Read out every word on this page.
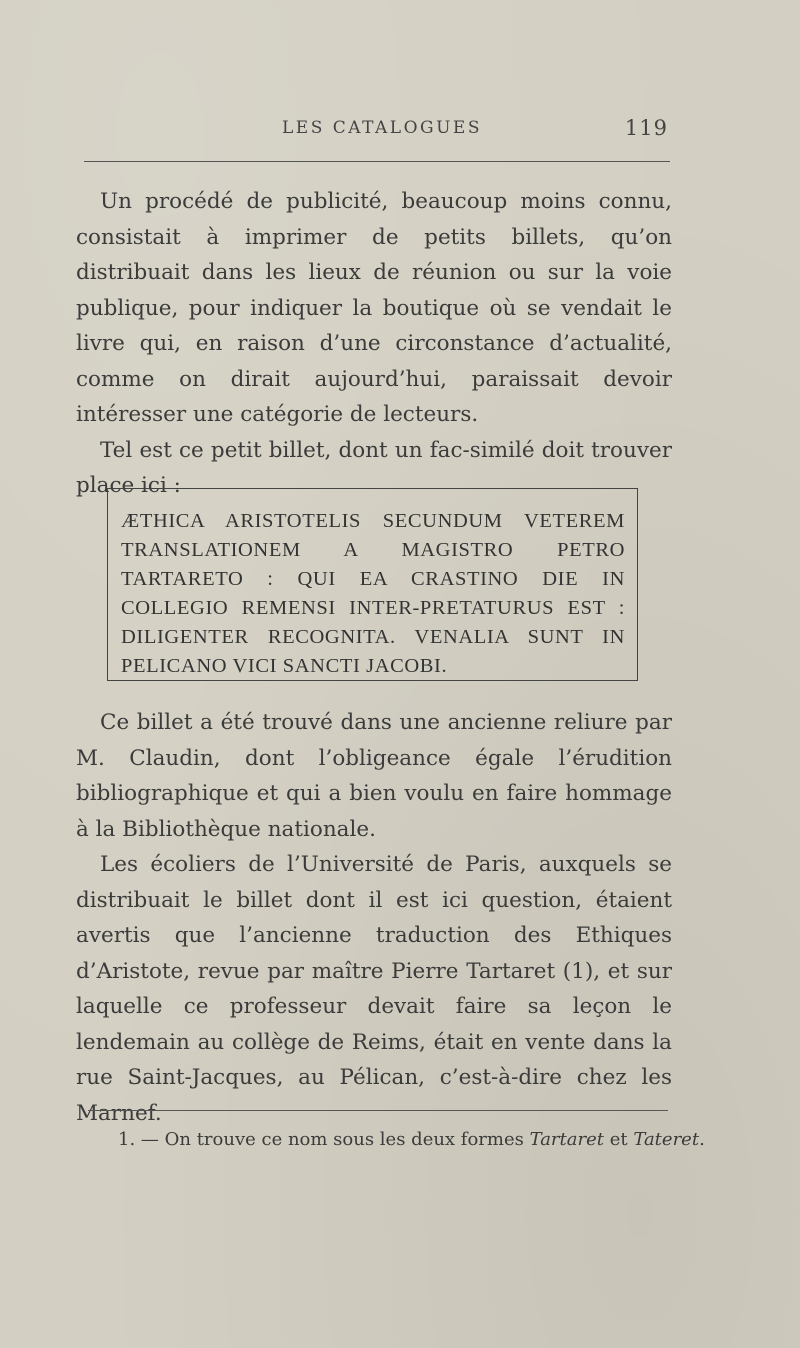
LES CATALOGUES	119

Un procédé de publicité, beaucoup moins connu, consistait à imprimer de petits billets, qu’on distribuait dans les lieux de réunion ou sur la voie publique, pour indiquer la boutique où se vendait le livre qui, en raison d’une circonstance d’actualité, comme on dirait aujourd’hui, paraissait devoir intéresser une catégorie de lecteurs.

Tel est ce petit billet, dont un fac-similé doit trouver place ici :

ÆTHICA ARISTOTELIS SECUNDUM VETEREM TRANSLATIONEM A MAGISTRO PETRO TARTARETO : QUI EA CRASTINO DIE IN COLLEGIO REMENSI INTER-PRETATURUS EST : DILIGENTER RECOGNITA. VENALIA SUNT IN PELICANO VICI SANCTI JACOBI.

Ce billet a été trouvé dans une ancienne reliure par M. Claudin, dont l’obligeance égale l’érudition bibliographique et qui a bien voulu en faire hommage à la Bibliothèque nationale.

Les écoliers de l’Université de Paris, auxquels se distribuait le billet dont il est ici question, étaient avertis que l’ancienne traduction des Ethiques d’Aristote, revue par maître Pierre Tartaret (1), et sur laquelle ce professeur devait faire sa leçon le lendemain au collège de Reims, était en vente dans la rue Saint-Jacques, au Pélican, c’est-à-dire chez les Marnef.

1. — On trouve ce nom sous les deux formes Tartaret et Tateret.
